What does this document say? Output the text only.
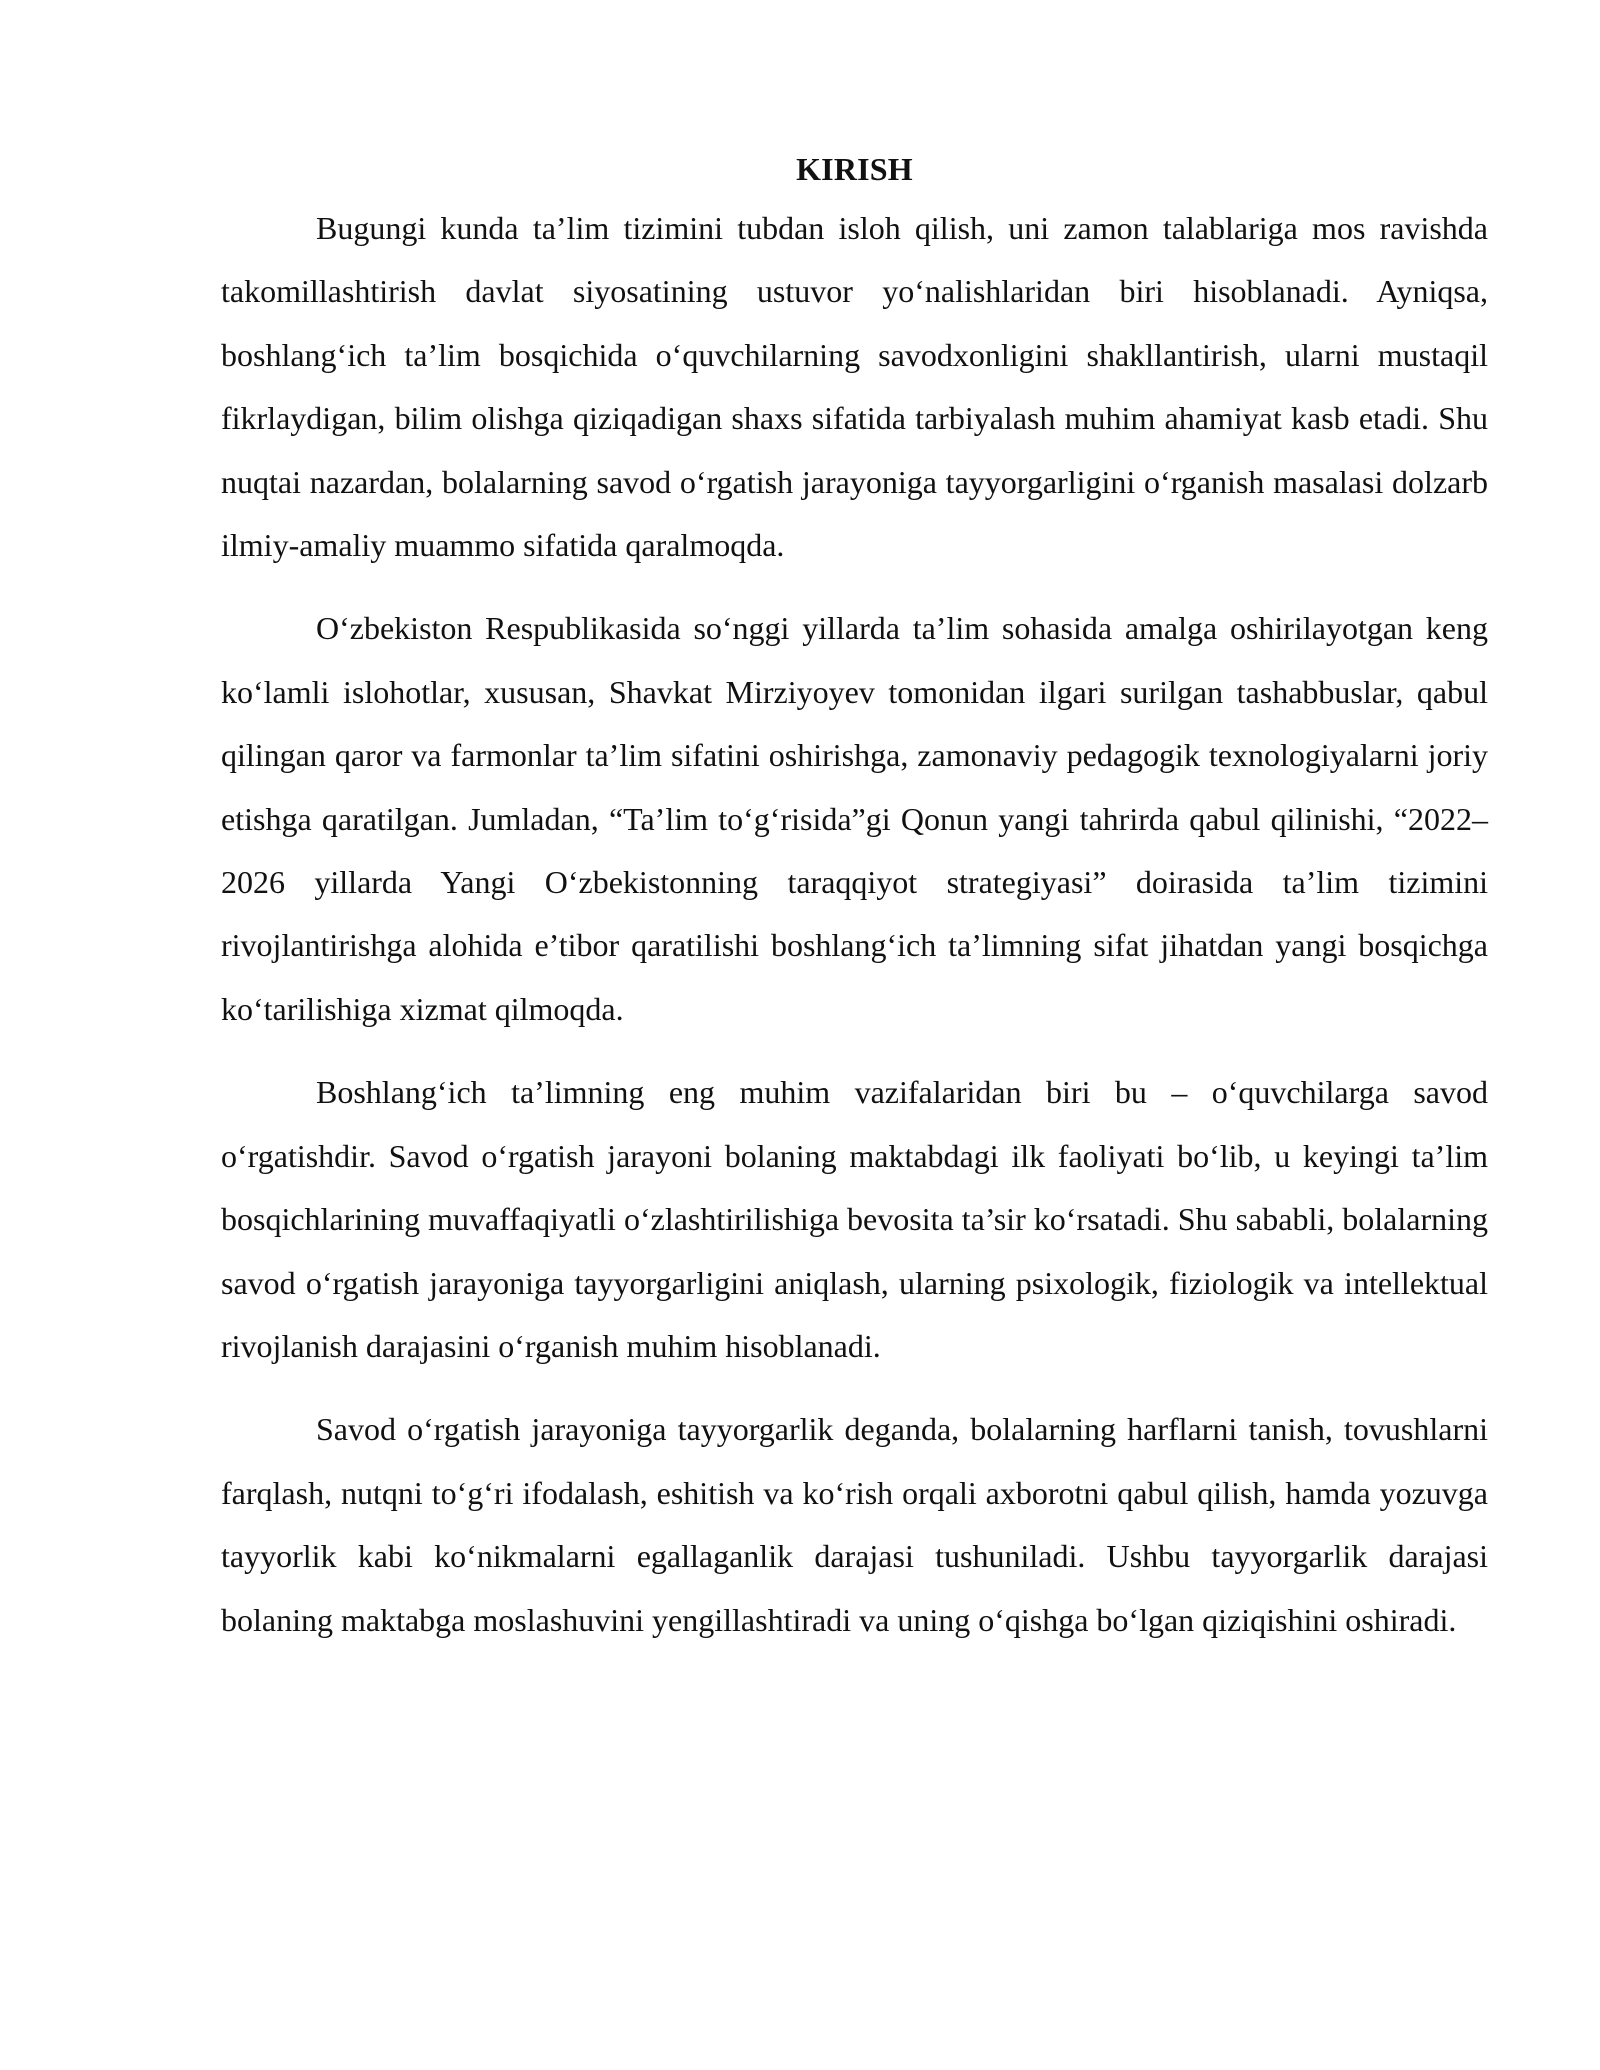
KIRISH

Bugungi kunda ta’lim tizimini tubdan isloh qilish, uni zamon talablariga mos ravishda takomillashtirish davlat siyosatining ustuvor yo‘nalishlaridan biri hisoblanadi. Ayniqsa, boshlang‘ich ta’lim bosqichida o‘quvchilarning savodxonligini shakllantirish, ularni mustaqil fikrlaydigan, bilim olishga qiziqadigan shaxs sifatida tarbiyalash muhim ahamiyat kasb etadi. Shu nuqtai nazardan, bolalarning savod o‘rgatish jarayoniga tayyorgarligini o‘rganish masalasi dolzarb ilmiy-amaliy muammo sifatida qaralmoqda.

O‘zbekiston Respublikasida so‘nggi yillarda ta’lim sohasida amalga oshirilayotgan keng ko‘lamli islohotlar, xususan, Shavkat Mirziyoyev tomonidan ilgari surilgan tashabbuslar, qabul qilingan qaror va farmonlar ta’lim sifatini oshirishga, zamonaviy pedagogik texnologiyalarni joriy etishga qaratilgan. Jumladan, “Ta’lim to‘g‘risida”gi Qonun yangi tahrirda qabul qilinishi, “2022–2026 yillarda Yangi O‘zbekistonning taraqqiyot strategiyasi” doirasida ta’lim tizimini rivojlantirishga alohida e’tibor qaratilishi boshlang‘ich ta’limning sifat jihatdan yangi bosqichga ko‘tarilishiga xizmat qilmoqda.

Boshlang‘ich ta’limning eng muhim vazifalaridan biri bu – o‘quvchilarga savod o‘rgatishdir. Savod o‘rgatish jarayoni bolaning maktabdagi ilk faoliyati bo‘lib, u keyingi ta’lim bosqichlarining muvaffaqiyatli o‘zlashtirilishiga bevosita ta’sir ko‘rsatadi. Shu sababli, bolalarning savod o‘rgatish jarayoniga tayyorgarligini aniqlash, ularning psixologik, fiziologik va intellektual rivojlanish darajasini o‘rganish muhim hisoblanadi.

Savod o‘rgatish jarayoniga tayyorgarlik deganda, bolalarning harflarni tanish, tovushlarni farqlash, nutqni to‘g‘ri ifodalash, eshitish va ko‘rish orqali axborotni qabul qilish, hamda yozuvga tayyorlik kabi ko‘nikmalarni egallaganlik darajasi tushuniladi. Ushbu tayyorgarlik darajasi bolaning maktabga moslashuvini yengillashtiradi va uning o‘qishga bo‘lgan qiziqishini oshiradi.
